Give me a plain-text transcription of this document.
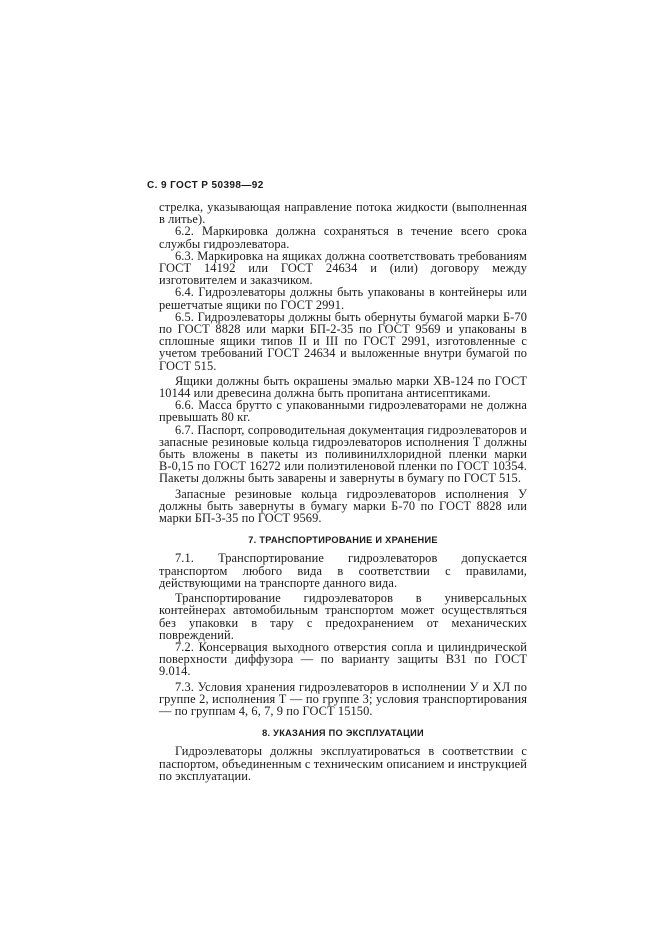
С. 9 ГОСТ Р 50398—92

стрелка, указывающая направление потока жидкости (выполненная в литье).

6.2. Маркировка должна сохраняться в течение всего срока службы гидроэлеватора.

6.3. Маркировка на ящиках должна соответствовать требованиям ГОСТ 14192 или ГОСТ 24634 и (или) договору между изготовителем и заказчиком.

6.4. Гидроэлеваторы должны быть упакованы в контейнеры или решетчатые ящики по ГОСТ 2991.

6.5. Гидроэлеваторы должны быть обернуты бумагой марки Б-70 по ГОСТ 8828 или марки БП-2-35 по ГОСТ 9569 и упакованы в сплошные ящики типов II и III по ГОСТ 2991, изготовленные с учетом требований ГОСТ 24634 и выложенные внутри бумагой по ГОСТ 515.

Ящики должны быть окрашены эмалью марки ХВ-124 по ГОСТ 10144 или древесина должна быть пропитана антисептиками.

6.6. Масса брутто с упакованными гидроэлеваторами не должна превышать 80 кг.

6.7. Паспорт, сопроводительная документация гидроэлеваторов и запасные резиновые кольца гидроэлеваторов исполнения Т должны быть вложены в пакеты из поливинилхлоридной пленки марки В-0,15 по ГОСТ 16272 или полиэтиленовой пленки по ГОСТ 10354. Пакеты должны быть заварены и завернуты в бумагу по ГОСТ 515.

Запасные резиновые кольца гидроэлеваторов исполнения У должны быть завернуты в бумагу марки Б-70 по ГОСТ 8828 или марки БП-3-35 по ГОСТ 9569.

7. ТРАНСПОРТИРОВАНИЕ И ХРАНЕНИЕ

7.1. Транспортирование гидроэлеваторов допускается транспортом любого вида в соответствии с правилами, действующими на транспорте данного вида.

Транспортирование гидроэлеваторов в универсальных контейнерах автомобильным транспортом может осуществляться без упаковки в тару с предохранением от механических повреждений.

7.2. Консервация выходного отверстия сопла и цилиндрической поверхности диффузора — по варианту защиты В31 по ГОСТ 9.014.

7.3. Условия хранения гидроэлеваторов в исполнении У и ХЛ по группе 2, исполнения Т — по группе 3; условия транспортирования — по группам 4, 6, 7, 9 по ГОСТ 15150.

8. УКАЗАНИЯ ПО ЭКСПЛУАТАЦИИ

Гидроэлеваторы должны эксплуатироваться в соответствии с паспортом, объединенным с техническим описанием и инструкцией по эксплуатации.
